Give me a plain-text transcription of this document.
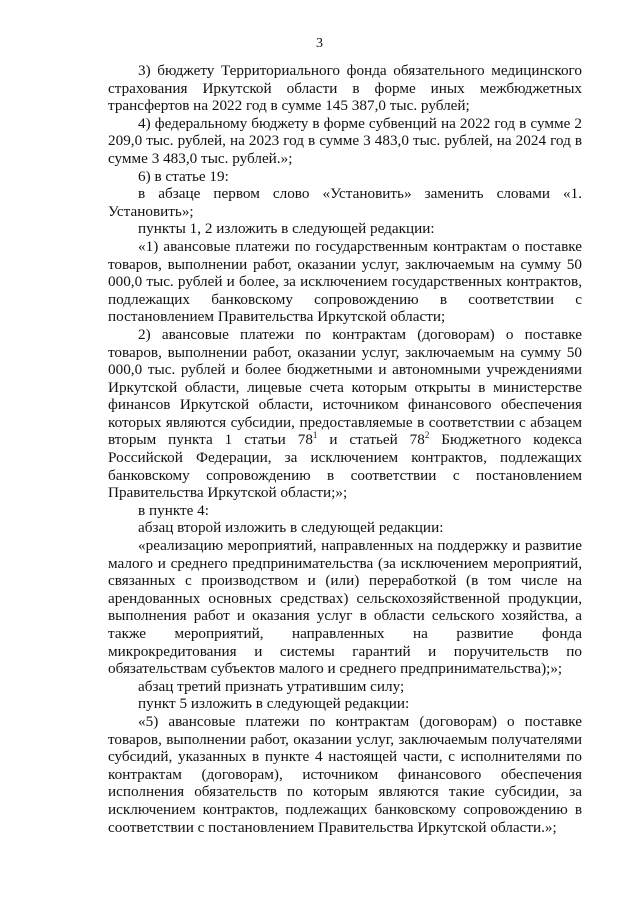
3

3) бюджету Территориального фонда обязательного медицинского страхования Иркутской области в форме иных межбюджетных трансфертов на 2022 год в сумме 145 387,0 тыс. рублей;

4) федеральному бюджету в форме субвенций на 2022 год в сумме 2 209,0 тыс. рублей, на 2023 год в сумме 3 483,0 тыс. рублей, на 2024 год в сумме 3 483,0 тыс. рублей.»;

6) в статье 19:

в абзаце первом слово «Установить» заменить словами «1. Установить»;

пункты 1, 2 изложить в следующей редакции:

«1) авансовые платежи по государственным контрактам о поставке товаров, выполнении работ, оказании услуг, заключаемым на сумму 50 000,0 тыс. рублей и более, за исключением государственных контрактов, подлежащих банковскому сопровождению в соответствии с постановлением Правительства Иркутской области;

2) авансовые платежи по контрактам (договорам) о поставке товаров, выполнении работ, оказании услуг, заключаемым на сумму 50 000,0 тыс. рублей и более бюджетными и автономными учреждениями Иркутской области, лицевые счета которым открыты в министерстве финансов Иркутской области, источником финансового обеспечения которых являются субсидии, предоставляемые в соответствии с абзацем вторым пункта 1 статьи $78^1$ и статьей $78^2$ Бюджетного кодекса Российской Федерации, за исключением контрактов, подлежащих банковскому сопровождению в соответствии с постановлением Правительства Иркутской области;»;

в пункте 4:

абзац второй изложить в следующей редакции:

«реализацию мероприятий, направленных на поддержку и развитие малого и среднего предпринимательства (за исключением мероприятий, связанных с производством и (или) переработкой (в том числе на арендованных основных средствах) сельскохозяйственной продукции, выполнения работ и оказания услуг в области сельского хозяйства, а также мероприятий, направленных на развитие фонда микрокредитования и системы гарантий и поручительств по обязательствам субъектов малого и среднего предпринимательства);»;

абзац третий признать утратившим силу;

пункт 5 изложить в следующей редакции:

«5) авансовые платежи по контрактам (договорам) о поставке товаров, выполнении работ, оказании услуг, заключаемым получателями субсидий, указанных в пункте 4 настоящей части, с исполнителями по контрактам (договорам), источником финансового обеспечения исполнения обязательств по которым являются такие субсидии, за исключением контрактов, подлежащих банковскому сопровождению в соответствии с постановлением Правительства Иркутской области.»;
